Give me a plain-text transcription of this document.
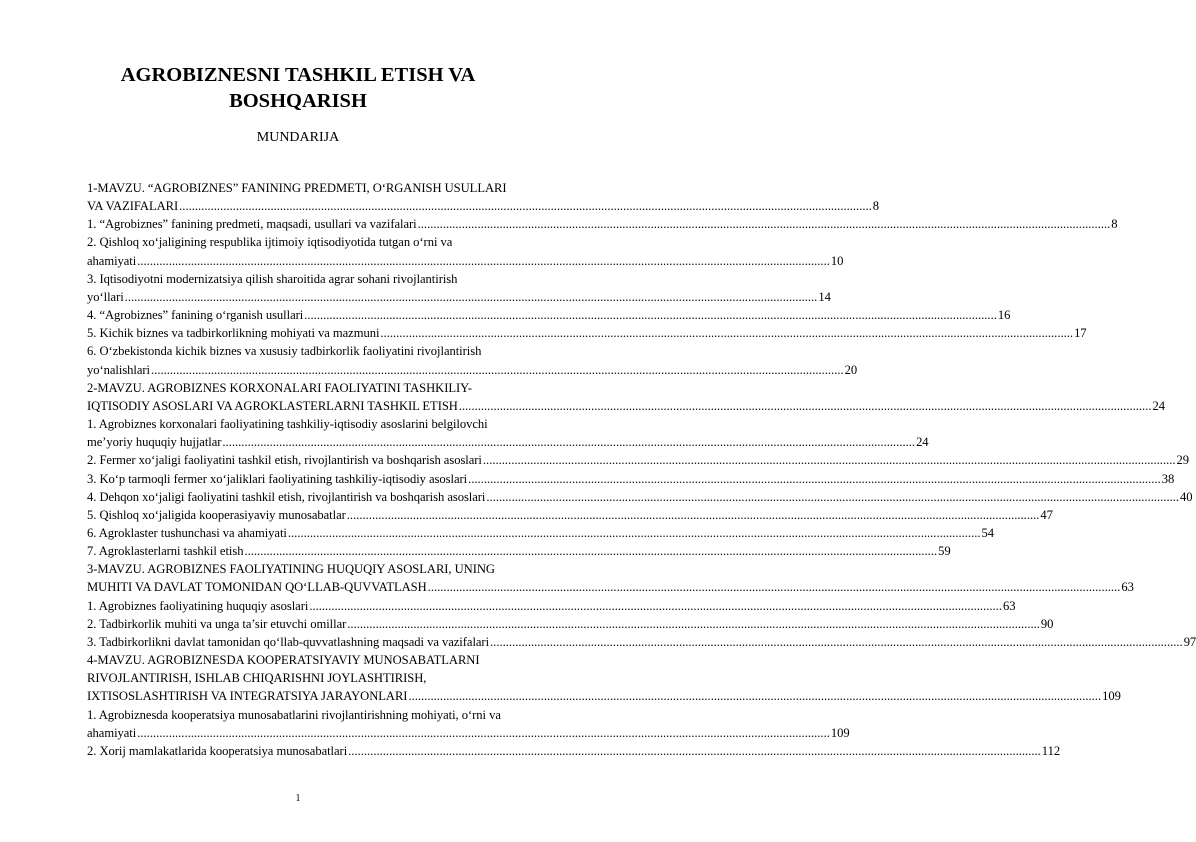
AGROBIZNESNI TASHKIL ETISH VA
BOSHQARISH
MUNDARIJA
1-MAVZU. “AGROBIZNES” FANINING PREDMETI, O‘RGANISH USULLARI
VA VAZIFALARI .....	8
1. “Agrobiznes” fanining predmeti, maqsadi, usullari va vazifalari .....	8
2. Qishloq xo‘jaligining respublika ijtimoiy iqtisodiyotida tutgan o‘rni va
ahamiyati .....	10
3. Iqtisodiyotni modernizatsiya qilish sharoitida agrar sohani rivojlantirish
yo‘llari .....	14
4. “Agrobiznes” fanining o‘rganish usullari .....	16
5. Kichik biznes va tadbirkorlikning mohiyati va mazmuni .....	17
6. O‘zbekistonda kichik biznes va xususiy tadbirkorlik faoliyatini rivojlantirish
yo‘nalishlari .....	20
2-MAVZU. AGROBIZNES KORXONALARI FAOLIYATINI TASHKILIY-
IQTISODIY ASOSLARI VA AGROKLASTERLARNI TASHKIL ETISH .....	24
1. Agrobiznes korxonalari faoliyatining tashkiliy-iqtisodiy asoslarini belgilovchi
me’yoriy huquqiy hujjatlar .....	24
2. Fermer xo‘jaligi faoliyatini tashkil etish, rivojlantirish va boshqarish asoslari .....	29
3. Ko‘p tarmoqli fermer xo‘jaliklari faoliyatining tashkiliy-iqtisodiy asoslari .....	38
4. Dehqon xo‘jaligi faoliyatini tashkil etish, rivojlantirish va boshqarish asoslari .....	40
5. Qishloq xo‘jaligida kooperasiyaviy munosabatlar .....	47
6. Agroklaster tushunchasi va ahamiyati .....	54
7. Agroklasterlarni tashkil etish .....	59
3-MAVZU. AGROBIZNES FAOLIYATINING HUQUQIY ASOSLARI, UNING
MUHITI VA DAVLAT TOMONIDAN QO‘LLAB-QUVVATLASH .....	63
1. Agrobiznes faoliyatining huquqiy asoslari .....	63
2. Tadbirkorlik muhiti va unga ta’sir etuvchi omillar .....	90
3. Tadbirkorlikni davlat tamonidan qo‘llab-quvvatlashning maqsadi va vazifalari .....	97
4-MAVZU. AGROBIZNESDA KOOPERATSIYAVIY MUNOSABATLARNI
RIVOJLANTIRISH, ISHLAB CHIQARISHNI JOYLASHTIRISH,
IXTISOSLASHTIRISH VA INTEGRATSIYA JARAYONLARI .....	109
1. Agrobiznesda kooperatsiya munosabatlarini rivojlantirishning mohiyati, o‘rni va
ahamiyati .....	109
2. Xorij mamlakatlarida kooperatsiya munosabatlari .....	112
1
